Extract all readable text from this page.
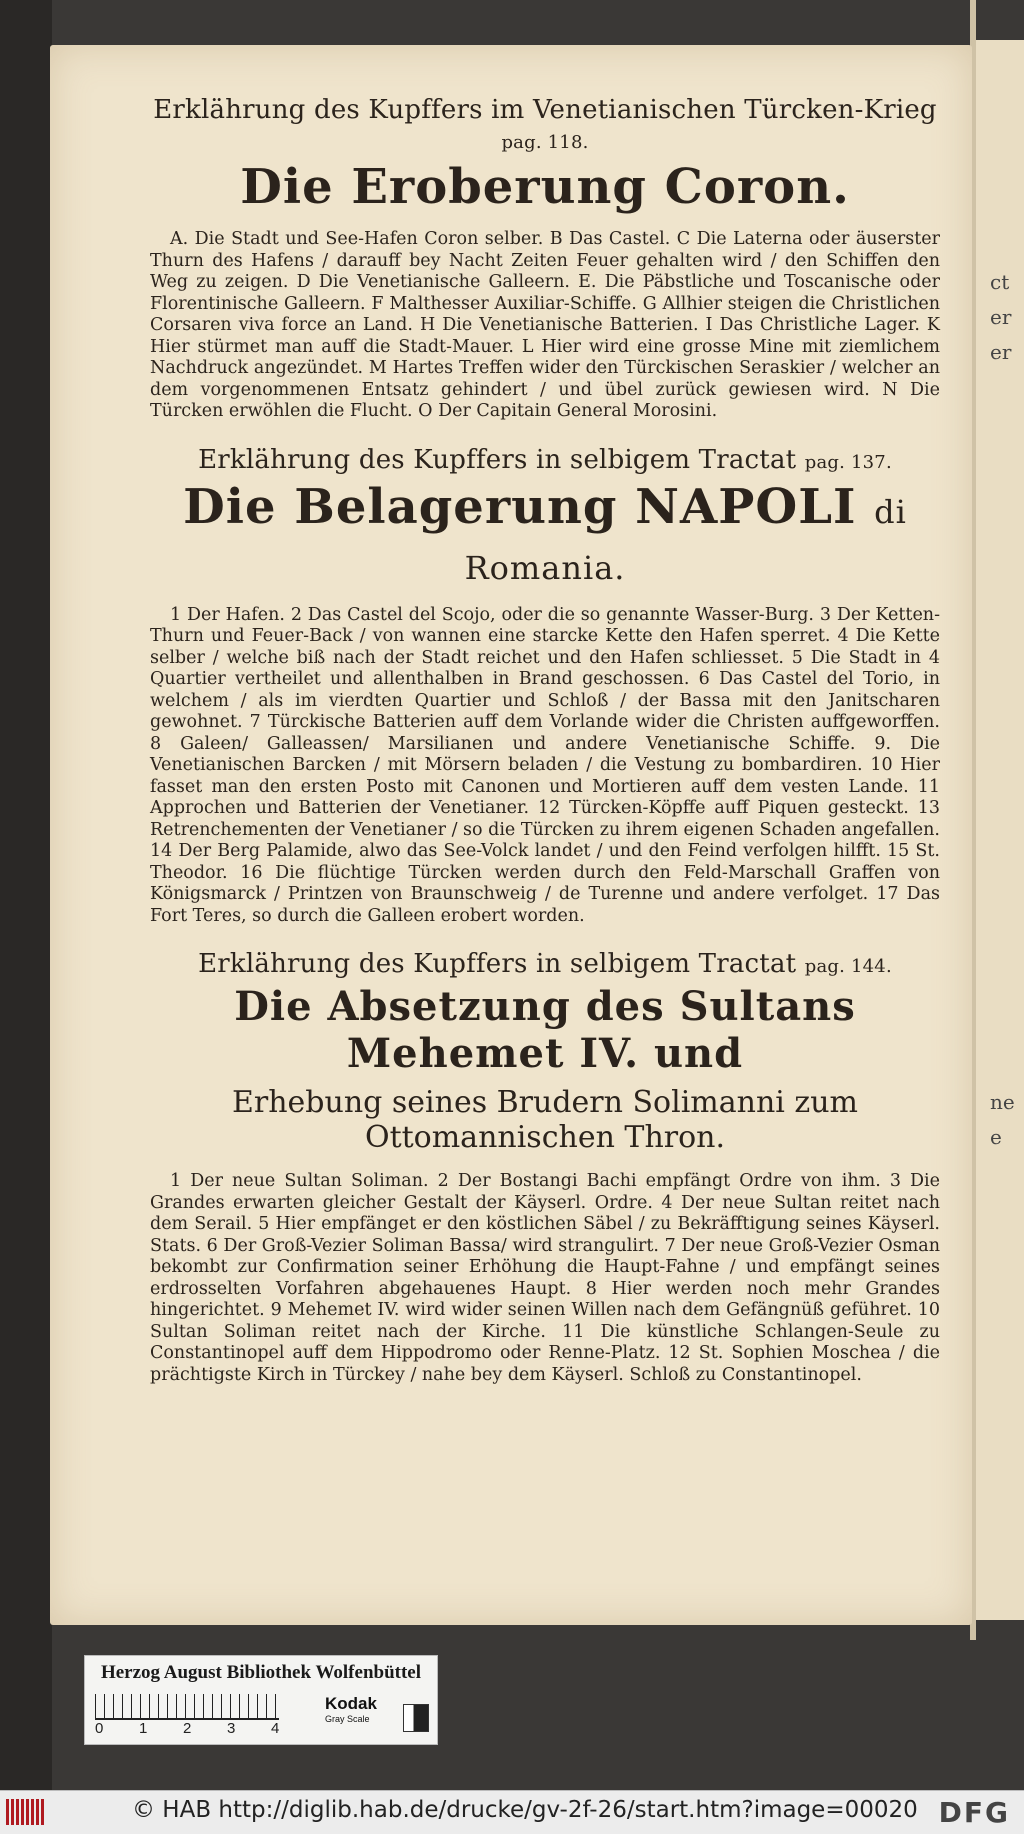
ct
er
er
ne
e

Erklährung des Kupffers im Venetianischen Türcken-Krieg pag. 118.

Die Eroberung Coron.

A. Die Stadt und See-Hafen Coron selber. B Das Castel. C Die Laterna oder äuserster Thurn des Hafens / darauff bey Nacht Zeiten Feuer gehalten wird / den Schiffen den Weg zu zeigen. D Die Venetianische Galleern. E. Die Päbstliche und Toscanische oder Florentinische Galleern. F Malthesser Auxiliar-Schiffe. G Allhier steigen die Christlichen Corsaren viva force an Land. H Die Venetianische Batterien. I Das Christliche Lager. K Hier stürmet man auff die Stadt-Mauer. L Hier wird eine grosse Mine mit ziemlichem Nachdruck angezündet. M Hartes Treffen wider den Türckischen Seraskier / welcher an dem vorgenommenen Entsatz gehindert / und übel zurück gewiesen wird. N Die Türcken erwöhlen die Flucht. O Der Capitain General Morosini.

Erklährung des Kupffers in selbigem Tractat pag. 137.

Die Belagerung NAPOLI di Romania.

1 Der Hafen. 2 Das Castel del Scojo, oder die so genannte Wasser-Burg. 3 Der Ketten-Thurn und Feuer-Back / von wannen eine starcke Kette den Hafen sperret. 4 Die Kette selber / welche biß nach der Stadt reichet und den Hafen schliesset. 5 Die Stadt in 4 Quartier vertheilet und allenthalben in Brand geschossen. 6 Das Castel del Torio, in welchem / als im vierdten Quartier und Schloß / der Bassa mit den Janitscharen gewohnet. 7 Türckische Batterien auff dem Vorlande wider die Christen auffgeworffen. 8 Galeen/ Galleassen/ Marsilianen und andere Venetianische Schiffe. 9. Die Venetianischen Barcken / mit Mörsern beladen / die Vestung zu bombardiren. 10 Hier fasset man den ersten Posto mit Canonen und Mortieren auff dem vesten Lande. 11 Approchen und Batterien der Venetianer. 12 Türcken-Köpffe auff Piquen gesteckt. 13 Retrenchementen der Venetianer / so die Türcken zu ihrem eigenen Schaden angefallen. 14 Der Berg Palamide, alwo das See-Volck landet / und den Feind verfolgen hilfft. 15 St. Theodor. 16 Die flüchtige Türcken werden durch den Feld-Marschall Graffen von Königsmarck / Printzen von Braunschweig / de Turenne und andere verfolget. 17 Das Fort Teres, so durch die Galleen erobert worden.

Erklährung des Kupffers in selbigem Tractat pag. 144.

Die Absetzung des Sultans Mehemet IV. und
Erhebung seines Brudern Solimanni zum Ottomannischen Thron.

1 Der neue Sultan Soliman. 2 Der Bostangi Bachi empfängt Ordre von ihm. 3 Die Grandes erwarten gleicher Gestalt der Käyserl. Ordre. 4 Der neue Sultan reitet nach dem Serail. 5 Hier empfänget er den köstlichen Säbel / zu Bekräfftigung seines Käyserl. Stats. 6 Der Groß-Vezier Soliman Bassa/ wird strangulirt. 7 Der neue Groß-Vezier Osman bekombt zur Confirmation seiner Erhöhung die Haupt-Fahne / und empfängt seines erdrosselten Vorfahren abgehauenes Haupt. 8 Hier werden noch mehr Grandes hingerichtet. 9 Mehemet IV. wird wider seinen Willen nach dem Gefängnüß geführet. 10 Sultan Soliman reitet nach der Kirche. 11 Die künstliche Schlangen-Seule zu Constantinopel auff dem Hippodromo oder Renne-Platz. 12 St. Sophien Moschea / die prächtigste Kirch in Türckey / nahe bey dem Käyserl. Schloß zu Constantinopel.

Herzog August Bibliothek Wolfenbüttel
0 1 2 3 4
Kodak
Gray Scale
© HAB http://diglib.hab.de/drucke/gv-2f-26/start.htm?image=00020 DFG
